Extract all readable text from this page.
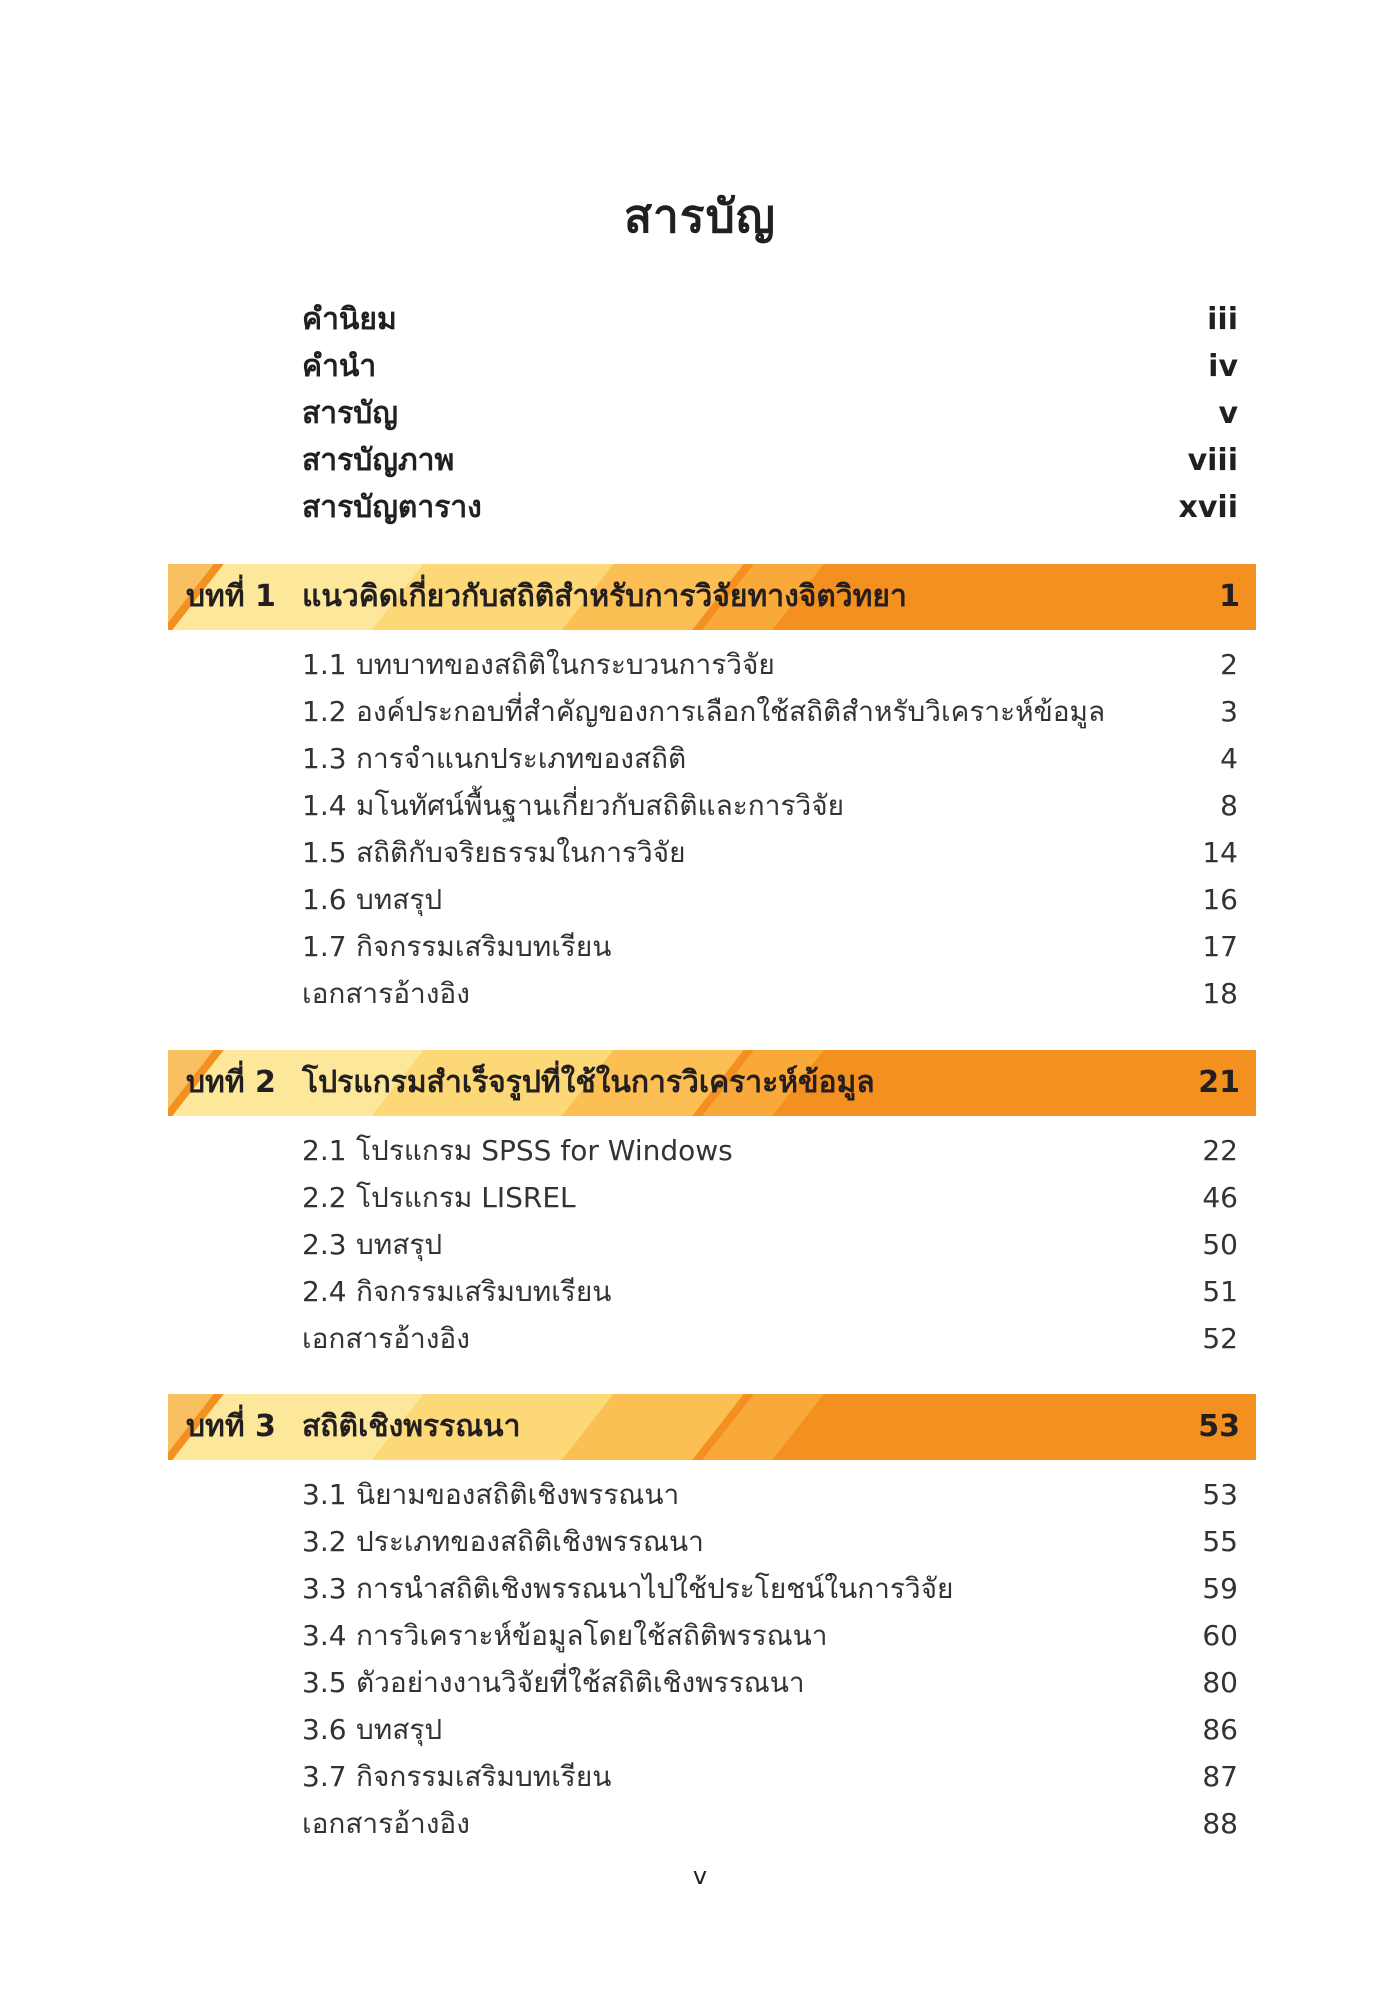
สารบัญ
คำนิยม	iii
คำนำ	iv
สารบัญ	v
สารบัญภาพ	viii
สารบัญตาราง	xvii
บทที่ 1 แนวคิดเกี่ยวกับสถิติสำหรับการวิจัยทางจิตวิทยา	1
1.1 บทบาทของสถิติในกระบวนการวิจัย	2
1.2 องค์ประกอบที่สำคัญของการเลือกใช้สถิติสำหรับวิเคราะห์ข้อมูล	3
1.3 การจำแนกประเภทของสถิติ	4
1.4 มโนทัศน์พื้นฐานเกี่ยวกับสถิติและการวิจัย	8
1.5 สถิติกับจริยธรรมในการวิจัย	14
1.6 บทสรุป	16
1.7 กิจกรรมเสริมบทเรียน	17
เอกสารอ้างอิง	18
บทที่ 2 โปรแกรมสำเร็จรูปที่ใช้ในการวิเคราะห์ข้อมูล	21
2.1 โปรแกรม SPSS for Windows	22
2.2 โปรแกรม LISREL	46
2.3 บทสรุป	50
2.4 กิจกรรมเสริมบทเรียน	51
เอกสารอ้างอิง	52
บทที่ 3 สถิติเชิงพรรณนา	53
3.1 นิยามของสถิติเชิงพรรณนา	53
3.2 ประเภทของสถิติเชิงพรรณนา	55
3.3 การนำสถิติเชิงพรรณนาไปใช้ประโยชน์ในการวิจัย	59
3.4 การวิเคราะห์ข้อมูลโดยใช้สถิติพรรณนา	60
3.5 ตัวอย่างงานวิจัยที่ใช้สถิติเชิงพรรณนา	80
3.6 บทสรุป	86
3.7 กิจกรรมเสริมบทเรียน	87
เอกสารอ้างอิง	88
v
